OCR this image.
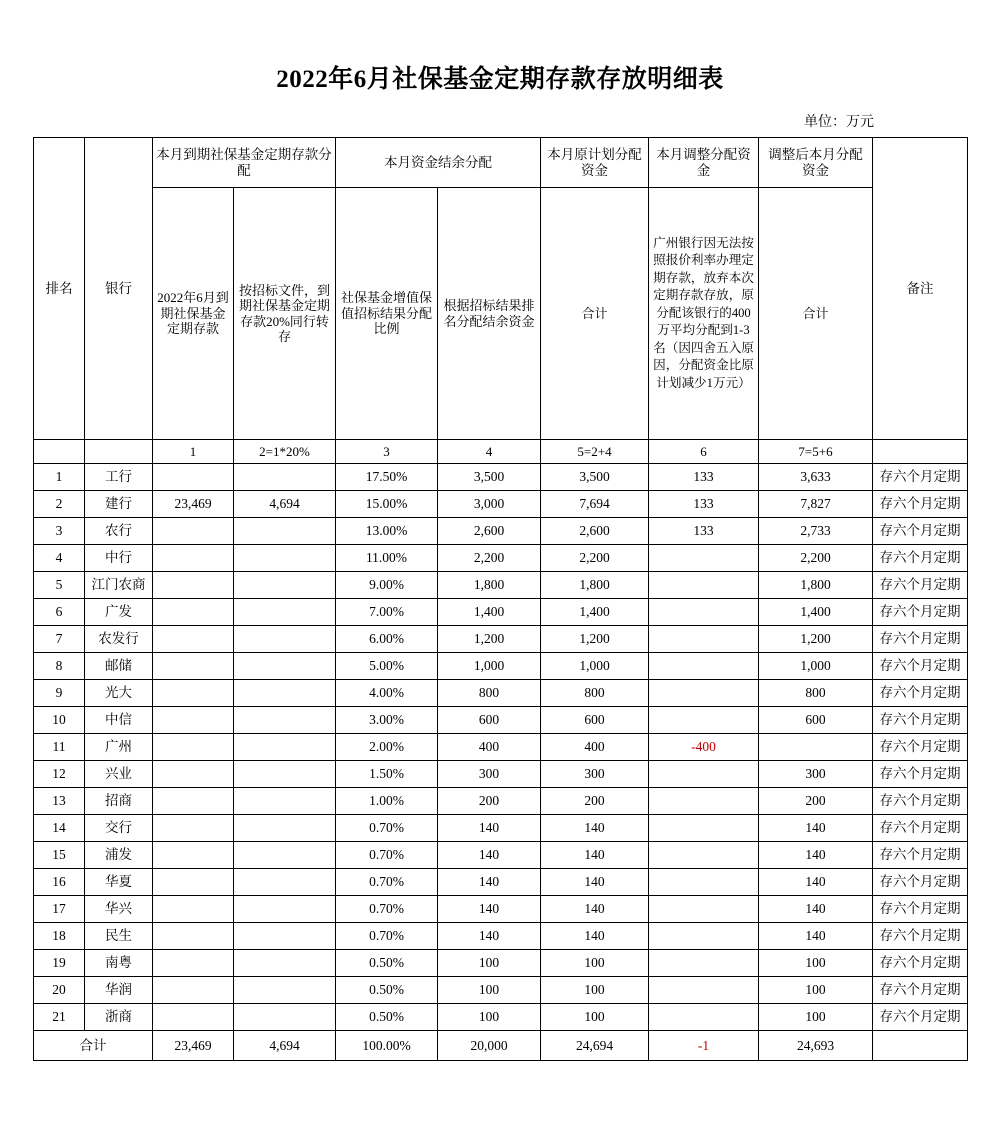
2022年6月社保基金定期存款存放明细表
单位：万元
排名	银行	本月到期社保基金定期存款分配		本月资金结余分配		本月原计划分配资金	本月调整分配资金	调整后本月分配资金	备注
		2022年6月到期社保基金定期存款	按招标文件，到期社保基金定期存款20%同行转存	社保基金增值保值招标结果分配比例	根据招标结果排名分配结余资金	合计	广州银行因无法按照报价利率办理定期存款，放弃本次定期存款存放，原分配该银行的400万平均分配到1-3名（因四舍五入原因，分配资金比原计划减少1万元）	合计	
		1	2=1*20%	3	4	5=2+4	6	7=5+6	
1	工行			17.50%	3,500	3,500	133	3,633	存六个月定期
2	建行	23,469	4,694	15.00%	3,000	7,694	133	7,827	存六个月定期
3	农行			13.00%	2,600	2,600	133	2,733	存六个月定期
4	中行			11.00%	2,200	2,200		2,200	存六个月定期
5	江门农商			9.00%	1,800	1,800		1,800	存六个月定期
6	广发			7.00%	1,400	1,400		1,400	存六个月定期
7	农发行			6.00%	1,200	1,200		1,200	存六个月定期
8	邮储			5.00%	1,000	1,000		1,000	存六个月定期
9	光大			4.00%	800	800		800	存六个月定期
10	中信			3.00%	600	600		600	存六个月定期
11	广州			2.00%	400	400	-400		存六个月定期
12	兴业			1.50%	300	300		300	存六个月定期
13	招商			1.00%	200	200		200	存六个月定期
14	交行			0.70%	140	140		140	存六个月定期
15	浦发			0.70%	140	140		140	存六个月定期
16	华夏			0.70%	140	140		140	存六个月定期
17	华兴			0.70%	140	140		140	存六个月定期
18	民生			0.70%	140	140		140	存六个月定期
19	南粤			0.50%	100	100		100	存六个月定期
20	华润			0.50%	100	100		100	存六个月定期
21	浙商			0.50%	100	100		100	存六个月定期
合计		23,469	4,694	100.00%	20,000	24,694	-1	24,693	
